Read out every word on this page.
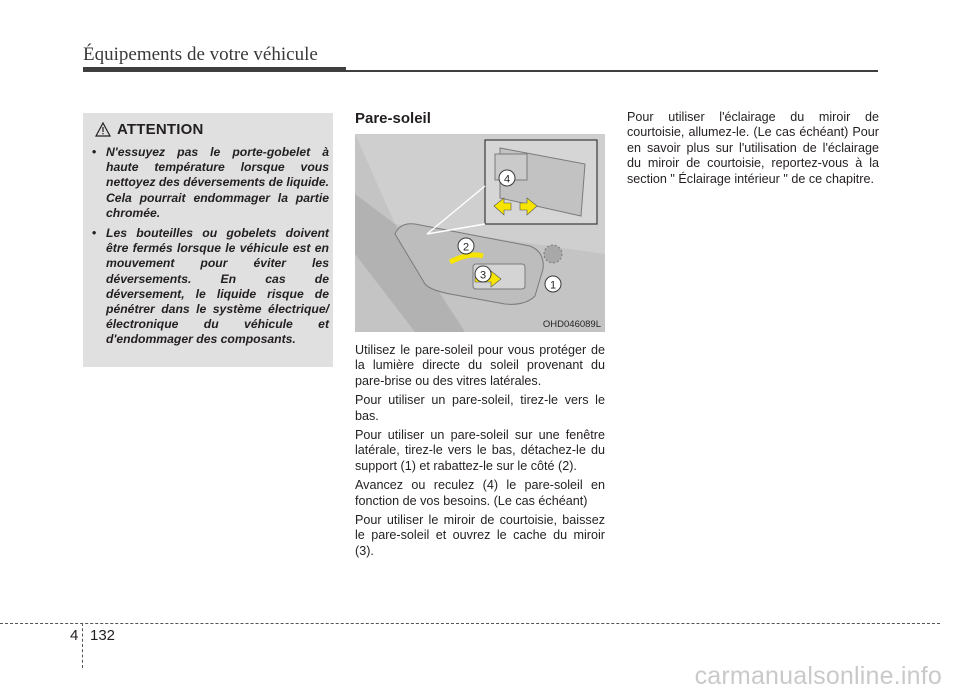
Équipements de votre véhicule
ATTENTION
• N'essuyez pas le porte-gobelet à haute température lorsque vous nettoyez des déversements de liquide. Cela pourrait endommager la partie chromée.
• Les bouteilles ou gobelets doivent être fermés lorsque le véhicule est en mouvement pour éviter les déversements. En cas de déversement, le liquide risque de pénétrer dans le système électrique/électronique du véhicule et d'endommager des composants.
Pare-soleil
4
2
3
1
OHD046089L

Utilisez le pare-soleil pour vous protéger de la lumière directe du soleil provenant du pare-brise ou des vitres latérales.

Pour utiliser un pare-soleil, tirez-le vers le bas.

Pour utiliser un pare-soleil sur une fenêtre latérale, tirez-le vers le bas, détachez-le du support (1) et rabattez-le sur le côté (2).

Avancez ou reculez (4) le pare-soleil en fonction de vos besoins. (Le cas échéant)

Pour utiliser le miroir de courtoisie, baissez le pare-soleil et ouvrez le cache du miroir (3).

Pour utiliser l'éclairage du miroir de courtoisie, allumez-le. (Le cas échéant) Pour en savoir plus sur l'utilisation de l'éclairage du miroir de courtoisie, reportez-vous à la section " Éclairage intérieur " de ce chapitre.

4 132
carmanualsonline.info
